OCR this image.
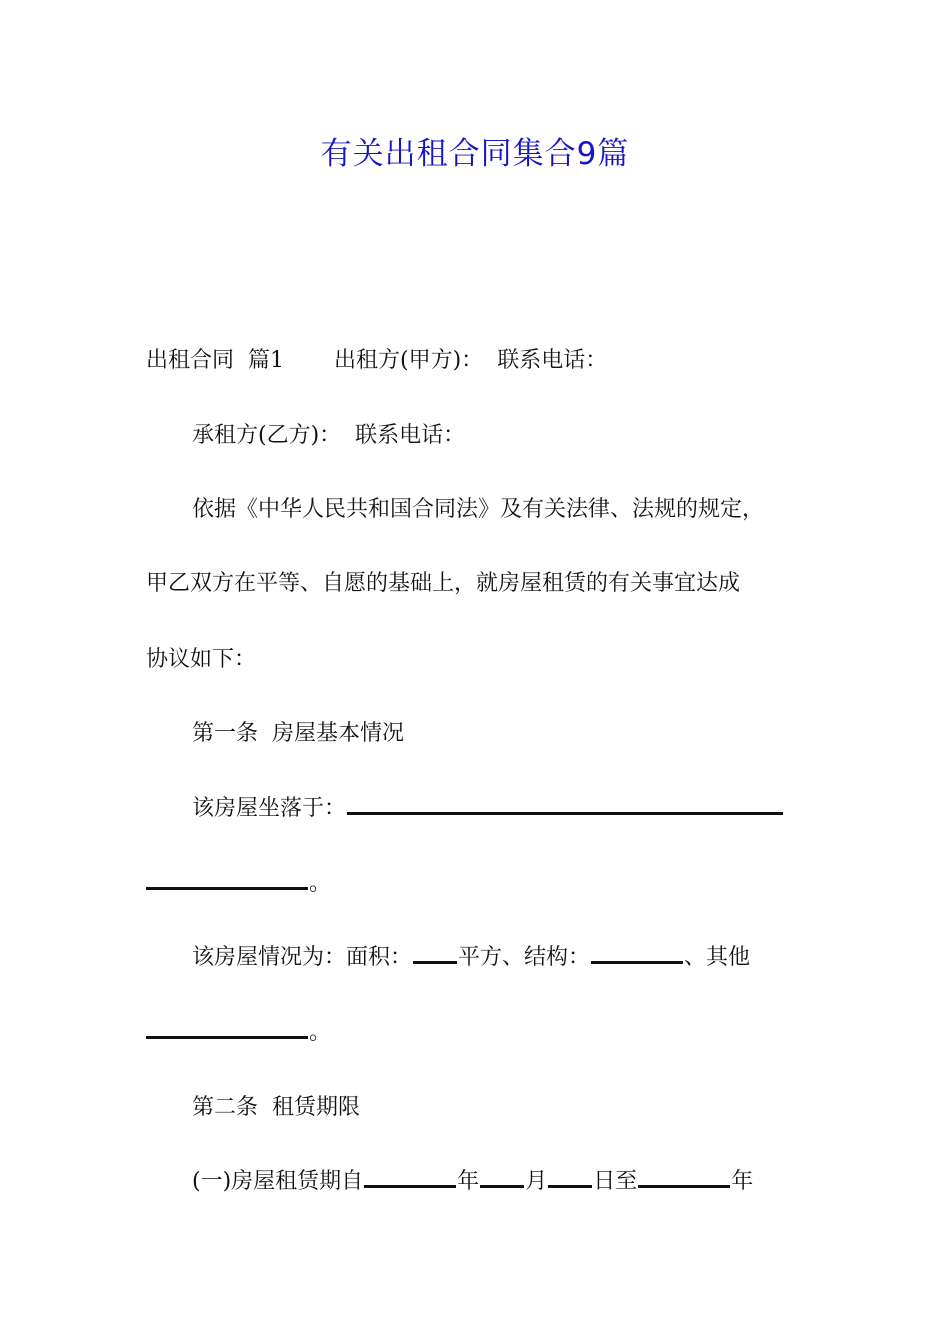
有关出租合同集合9篇
出租合同 篇1 出租方(甲方)： 联系电话：
承租方(乙方)： 联系电话：
依据《中华人民共和国合同法》及有关法律、法规的规定，
甲乙双方在平等、自愿的基础上，就房屋租赁的有关事宜达成
协议如下：
第一条 房屋基本情况
该房屋坐落于：
。
该房屋情况为：面积： 平方、结构：	、其他
。
第二条 租赁期限
(一)房屋租赁期自	年 月 日至	年
